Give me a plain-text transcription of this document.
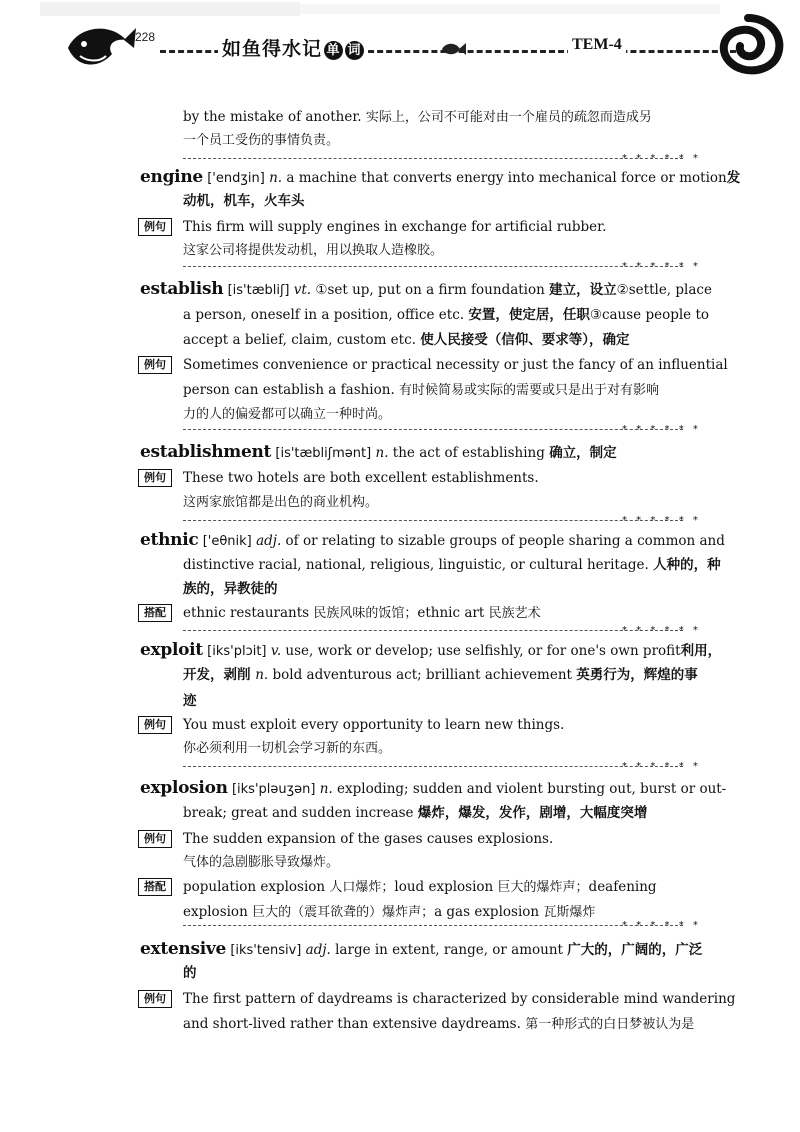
228
如鱼得水记 单 词	TEM-4
by the mistake of another. 实际上，公司不可能对由一个雇员的疏忽而造成另
一个员工受伤的事情负责。
* * * * * *
engine ['endʒin] n. a machine that converts energy into mechanical force or motion发
动机，机车，火车头
例句	This firm will supply engines in exchange for artificial rubber.
这家公司将提供发动机，用以换取人造橡胶。
* * * * * *
establish [is'tæbliʃ] vt. ①set up, put on a firm foundation 建立，设立②settle, place
a person, oneself in a position, office etc. 安置，使定居，任职③cause people to
accept a belief, claim, custom etc. 使人民接受（信仰、要求等），确定
例句	Sometimes convenience or practical necessity or just the fancy of an influential
person can establish a fashion. 有时候简易或实际的需要或只是出于对有影响
力的人的偏爱都可以确立一种时尚。
* * * * * *
establishment [is'tæbliʃmənt] n. the act of establishing 确立，制定
例句	These two hotels are both excellent establishments.
这两家旅馆都是出色的商业机构。
* * * * * *
ethnic ['eθnik] adj. of or relating to sizable groups of people sharing a common and
distinctive racial, national, religious, linguistic, or cultural heritage. 人种的，种
族的，异教徒的
搭配	ethnic restaurants 民族风味的饭馆；ethnic art 民族艺术
* * * * * *
exploit [iks'plɔit] v. use, work or develop; use selfishly, or for one's own profit利用，
开发，剥削 n. bold adventurous act; brilliant achievement 英勇行为，辉煌的事
迹
例句	You must exploit every opportunity to learn new things.
你必须利用一切机会学习新的东西。
* * * * * *
explosion [iks'pləuʒən] n. exploding; sudden and violent bursting out, burst or out-
break; great and sudden increase 爆炸，爆发，发作，剧增，大幅度突增
例句	The sudden expansion of the gases causes explosions.
气体的急剧膨胀导致爆炸。
搭配	population explosion 人口爆炸；loud explosion 巨大的爆炸声；deafening
explosion 巨大的（震耳欲聋的）爆炸声；a gas explosion 瓦斯爆炸
* * * * * *
extensive [iks'tensiv] adj. large in extent, range, or amount 广大的，广阔的，广泛
的
例句	The first pattern of daydreams is characterized by considerable mind wandering
and short-lived rather than extensive daydreams. 第一种形式的白日梦被认为是
